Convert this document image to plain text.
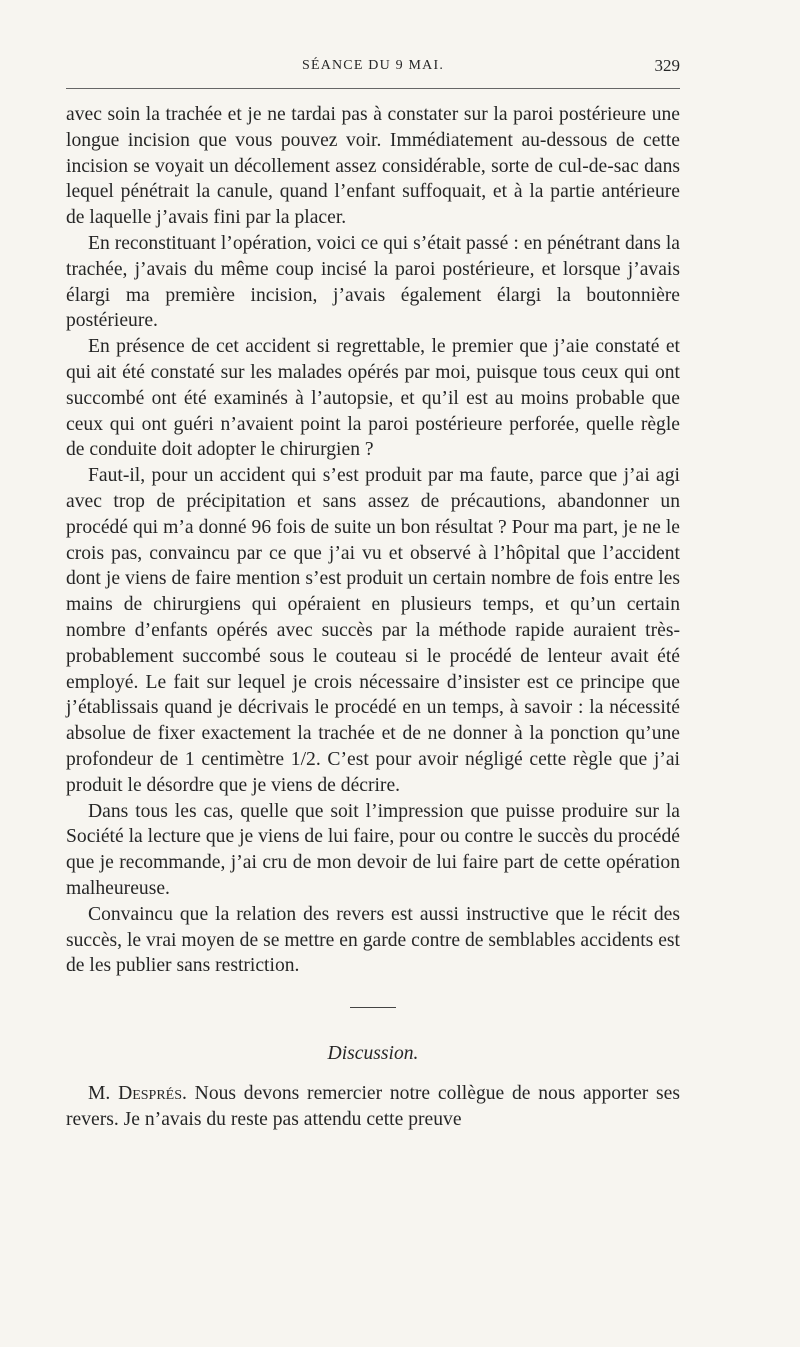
SÉANCE DU 9 MAI.	329

avec soin la trachée et je ne tardai pas à constater sur la paroi postérieure une longue incision que vous pouvez voir. Immédiatement au-dessous de cette incision se voyait un décollement assez considérable, sorte de cul-de-sac dans lequel pénétrait la canule, quand l’enfant suffoquait, et à la partie antérieure de laquelle j’avais fini par la placer.

En reconstituant l’opération, voici ce qui s’était passé : en pénétrant dans la trachée, j’avais du même coup incisé la paroi postérieure, et lorsque j’avais élargi ma première incision, j’avais également élargi la boutonnière postérieure.

En présence de cet accident si regrettable, le premier que j’aie constaté et qui ait été constaté sur les malades opérés par moi, puisque tous ceux qui ont succombé ont été examinés à l’autopsie, et qu’il est au moins probable que ceux qui ont guéri n’avaient point la paroi postérieure perforée, quelle règle de conduite doit adopter le chirurgien ?

Faut-il, pour un accident qui s’est produit par ma faute, parce que j’ai agi avec trop de précipitation et sans assez de précautions, abandonner un procédé qui m’a donné 96 fois de suite un bon résultat ? Pour ma part, je ne le crois pas, convaincu par ce que j’ai vu et observé à l’hôpital que l’accident dont je viens de faire mention s’est produit un certain nombre de fois entre les mains de chirurgiens qui opéraient en plusieurs temps, et qu’un certain nombre d’enfants opérés avec succès par la méthode rapide auraient très-probablement succombé sous le couteau si le procédé de lenteur avait été employé. Le fait sur lequel je crois nécessaire d’insister est ce principe que j’établissais quand je décrivais le procédé en un temps, à savoir : la nécessité absolue de fixer exactement la trachée et de ne donner à la ponction qu’une profondeur de 1 centimètre 1/2. C’est pour avoir négligé cette règle que j’ai produit le désordre que je viens de décrire.

Dans tous les cas, quelle que soit l’impression que puisse produire sur la Société la lecture que je viens de lui faire, pour ou contre le succès du procédé que je recommande, j’ai cru de mon devoir de lui faire part de cette opération malheureuse.

Convaincu que la relation des revers est aussi instructive que le récit des succès, le vrai moyen de se mettre en garde contre de semblables accidents est de les publier sans restriction.

Discussion.

M. Després. Nous devons remercier notre collègue de nous apporter ses revers. Je n’avais du reste pas attendu cette preuve
